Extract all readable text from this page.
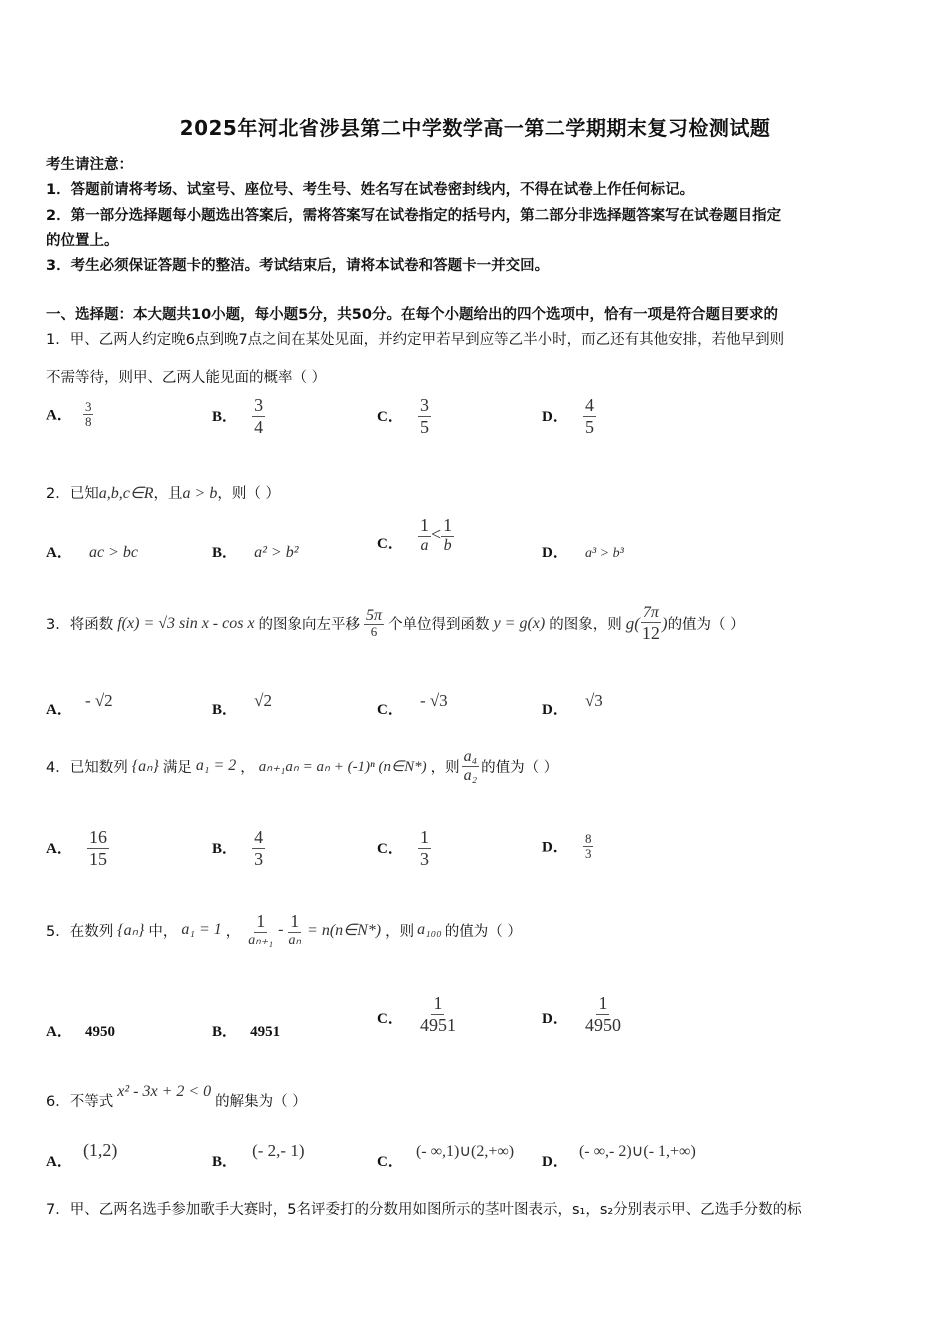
2025年河北省涉县第二中学数学高一第二学期期末复习检测试题
考生请注意：
1．答题前请将考场、试室号、座位号、考生号、姓名写在试卷密封线内，不得在试卷上作任何标记。
2．第一部分选择题每小题选出答案后，需将答案写在试卷指定的括号内，第二部分非选择题答案写在试卷题目指定
的位置上。
3．考生必须保证答题卡的整洁。考试结束后，请将本试卷和答题卡一并交回。
一、选择题：本大题共10小题，每小题5分，共50分。在每个小题给出的四个选项中，恰有一项是符合题目要求的
1．甲、乙两人约定晚6点到晚7点之间在某处见面，并约定甲若早到应等乙半小时，而乙还有其他安排，若他早到则
不需等待，则甲、乙两人能见面的概率（ ）
A． $\frac{3}{8}$	B． $\frac{3}{4}$	C． $\frac{3}{5}$	D． $\frac{4}{5}$
2．已知a,b,c∈R，且a > b，则（ ）
A． ac > bc	B． a² > b²	C． $\frac{1}{a} < \frac{1}{b}$	D． a³ > b³
3．将函数 f(x) = √3 sin x - cos x 的图象向左平移 $\frac{5\pi}{6}$ 个单位得到函数 y = g(x) 的图象，则 $g( \frac{7\pi}{12}$ ) 的值为（ ）
A． - √2	B． √2	C． - √3	D． √3
4．已知数列 {aₙ} 满足 a₁ = 2 ， aₙ₊₁aₙ = aₙ + (-1)ⁿ (n∈N*) ，则 $\frac{\text{a₄}}{\text{a₂}}$ 的值为（ ）
A． $\frac{16}{15}$	B． $\frac{4}{3}$	C． $\frac{1}{3}$	D． $\frac{8}{3}$
5．在数列 {aₙ} 中， a₁ = 1 ， $\frac{1}{\text{aₙ₊₁}} - \frac{1}{\text{aₙ}}$ = n(n∈N*) ，则 a₁₀₀ 的值为（ ）
A． 4950	B． 4951
C． $\frac{1}{4951}$	D． $\frac{1}{4950}$
6．不等式x² - 3x + 2 < 0的解集为（ ）
A． (1,2)
B． (- 2,- 1)
C． (- ∞,1)∪(2,+∞)
D． (- ∞,- 2)∪(- 1,+∞)
7．甲、乙两名选手参加歌手大赛时，5名评委打的分数用如图所示的茎叶图表示，s₁，s₂分别表示甲、乙选手分数的标
